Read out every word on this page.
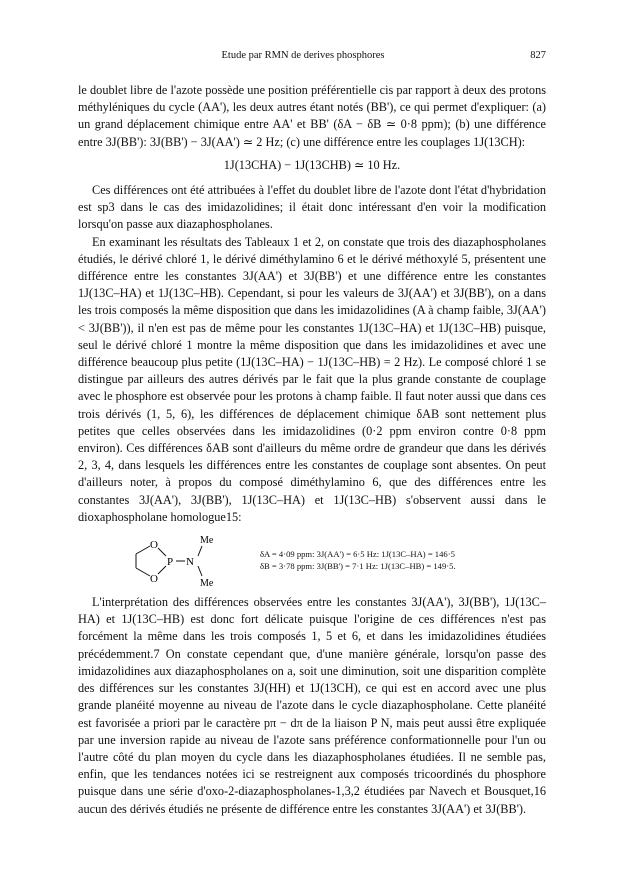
Etude par RMN de derives phosphores	827

le doublet libre de l'azote possède une position préférentielle cis par rapport à deux des protons méthyléniques du cycle (AA'), les deux autres étant notés (BB'), ce qui permet d'expliquer: (a) un grand déplacement chimique entre AA' et BB' (δA − δB ≃ 0·8 ppm); (b) une différence entre 3J(BB'): 3J(BB') − 3J(AA') ≃ 2 Hz; (c) une différence entre les couplages 1J(13CH):

1J(13CHA) − 1J(13CHB) ≃ 10 Hz.

Ces différences ont été attribuées à l'effet du doublet libre de l'azote dont l'état d'hybridation est sp3 dans le cas des imidazolidines; il était donc intéressant d'en voir la modification lorsqu'on passe aux diazaphospholanes.

En examinant les résultats des Tableaux 1 et 2, on constate que trois des diazaphospholanes étudiés, le dérivé chloré 1, le dérivé diméthylamino 6 et le dérivé méthoxylé 5, présentent une différence entre les constantes 3J(AA') et 3J(BB') et une différence entre les constantes 1J(13C–HA) et 1J(13C–HB). Cependant, si pour les valeurs de 3J(AA') et 3J(BB'), on a dans les trois composés la même disposition que dans les imidazolidines (A à champ faible, 3J(AA') < 3J(BB')), il n'en est pas de même pour les constantes 1J(13C–HA) et 1J(13C–HB) puisque, seul le dérivé chloré 1 montre la même disposition que dans les imidazolidines et avec une différence beaucoup plus petite (1J(13C–HA) − 1J(13C–HB) = 2 Hz). Le composé chloré 1 se distingue par ailleurs des autres dérivés par le fait que la plus grande constante de couplage avec le phosphore est observée pour les protons à champ faible. Il faut noter aussi que dans ces trois dérivés (1, 5, 6), les différences de déplacement chimique δAB sont nettement plus petites que celles observées dans les imidazolidines (0·2 ppm environ contre 0·8 ppm environ). Ces différences δAB sont d'ailleurs du même ordre de grandeur que dans les dérivés 2, 3, 4, dans lesquels les différences entre les constantes de couplage sont absentes. On peut d'ailleurs noter, à propos du composé diméthylamino 6, que des différences entre les constantes 3J(AA'), 3J(BB'), 1J(13C–HA) et 1J(13C–HB) s'observent aussi dans le dioxaphospholane homologue15:

O
O
P N
Me
Me
δA = 4·09 ppm: 3J(AA') = 6·5 Hz: 1J(13C–HA) = 146·5
δB = 3·78 ppm: 3J(BB') = 7·1 Hz: 1J(13C–HB) = 149·5.

L'interprétation des différences observées entre les constantes 3J(AA'), 3J(BB'), 1J(13C–HA) et 1J(13C–HB) est donc fort délicate puisque l'origine de ces différences n'est pas forcément la même dans les trois composés 1, 5 et 6, et dans les imidazolidines étudiées précédemment.7 On constate cependant que, d'une manière générale, lorsqu'on passe des imidazolidines aux diazaphospholanes on a, soit une diminution, soit une disparition complète des différences sur les constantes 3J(HH) et 1J(13CH), ce qui est en accord avec une plus grande planéité moyenne au niveau de l'azote dans le cycle diazaphospholane. Cette planéité est favorisée a priori par le caractère pπ − dπ de la liaison P N, mais peut aussi être expliquée par une inversion rapide au niveau de l'azote sans préférence conformationnelle pour l'un ou l'autre côté du plan moyen du cycle dans les diazaphospholanes étudiées. Il ne semble pas, enfin, que les tendances notées ici se restreignent aux composés tricoordinés du phosphore puisque dans une série d'oxo-2-diazaphospholanes-1,3,2 étudiées par Navech et Bousquet,16 aucun des dérivés étudiés ne présente de différence entre les constantes 3J(AA') et 3J(BB').
